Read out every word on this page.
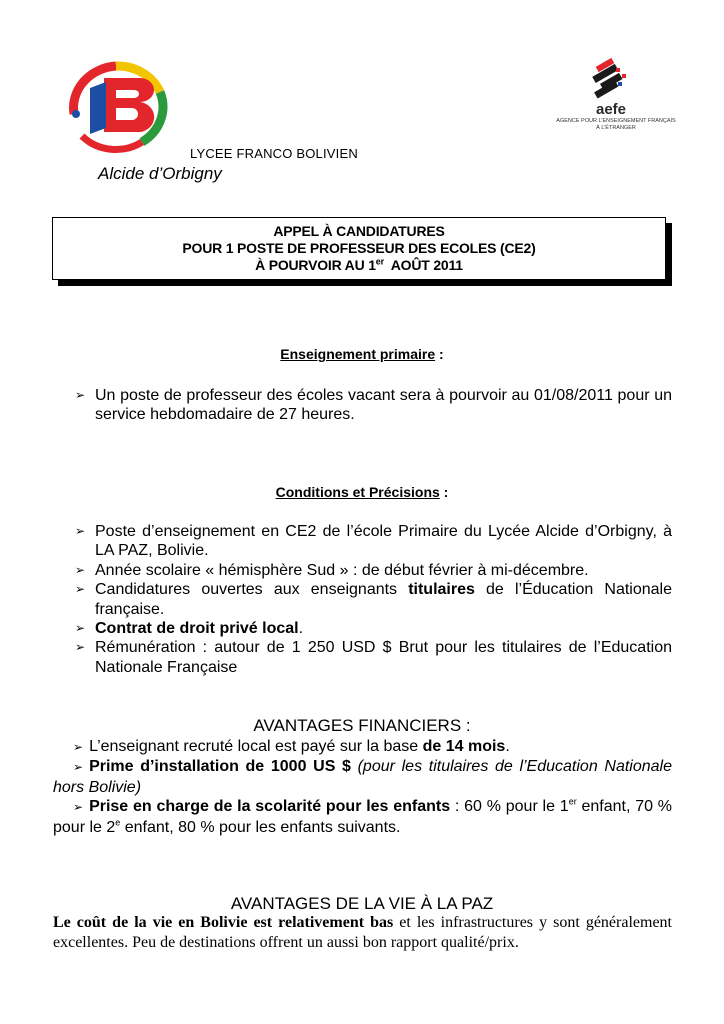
LYCEE FRANCO BOLIVIEN
Alcide d’Orbigny
aefe
AGENCE POUR L’ENSEIGNEMENT FRANÇAIS
À L’ÉTRANGER
APPEL À CANDIDATURES
POUR 1 POSTE DE PROFESSEUR DES ECOLES (CE2)
À POURVOIR AU 1er  AOÛT 2011
Enseignement primaire :
➢ Un poste de professeur des écoles vacant sera à pourvoir au 01/08/2011 pour un service hebdomadaire de 27 heures.
Conditions et Précisions :
➢ Poste d’enseignement en CE2 de l’école Primaire du Lycée Alcide d’Orbigny, à LA PAZ, Bolivie.
➢ Année scolaire « hémisphère Sud » : de début février à mi-décembre.
➢ Candidatures ouvertes aux enseignants titulaires de l’Éducation Nationale française.
➢ Contrat de droit privé local.
➢ Rémunération : autour de 1 250 USD $ Brut pour les titulaires de l’Education Nationale Française
AVANTAGES FINANCIERS :
➢ L’enseignant recruté local est payé sur la base de 14 mois.
➢ Prime d’installation de 1000 US $ (pour les titulaires de l’Education Nationale hors Bolivie)
➢ Prise en charge de la scolarité pour les enfants : 60 % pour le 1er enfant, 70 % pour le 2e enfant, 80 % pour les enfants suivants.
AVANTAGES DE LA VIE À LA PAZ
Le coût de la vie en Bolivie est relativement bas et les infrastructures y sont généralement excellentes. Peu de destinations offrent un aussi bon rapport qualité/prix.
